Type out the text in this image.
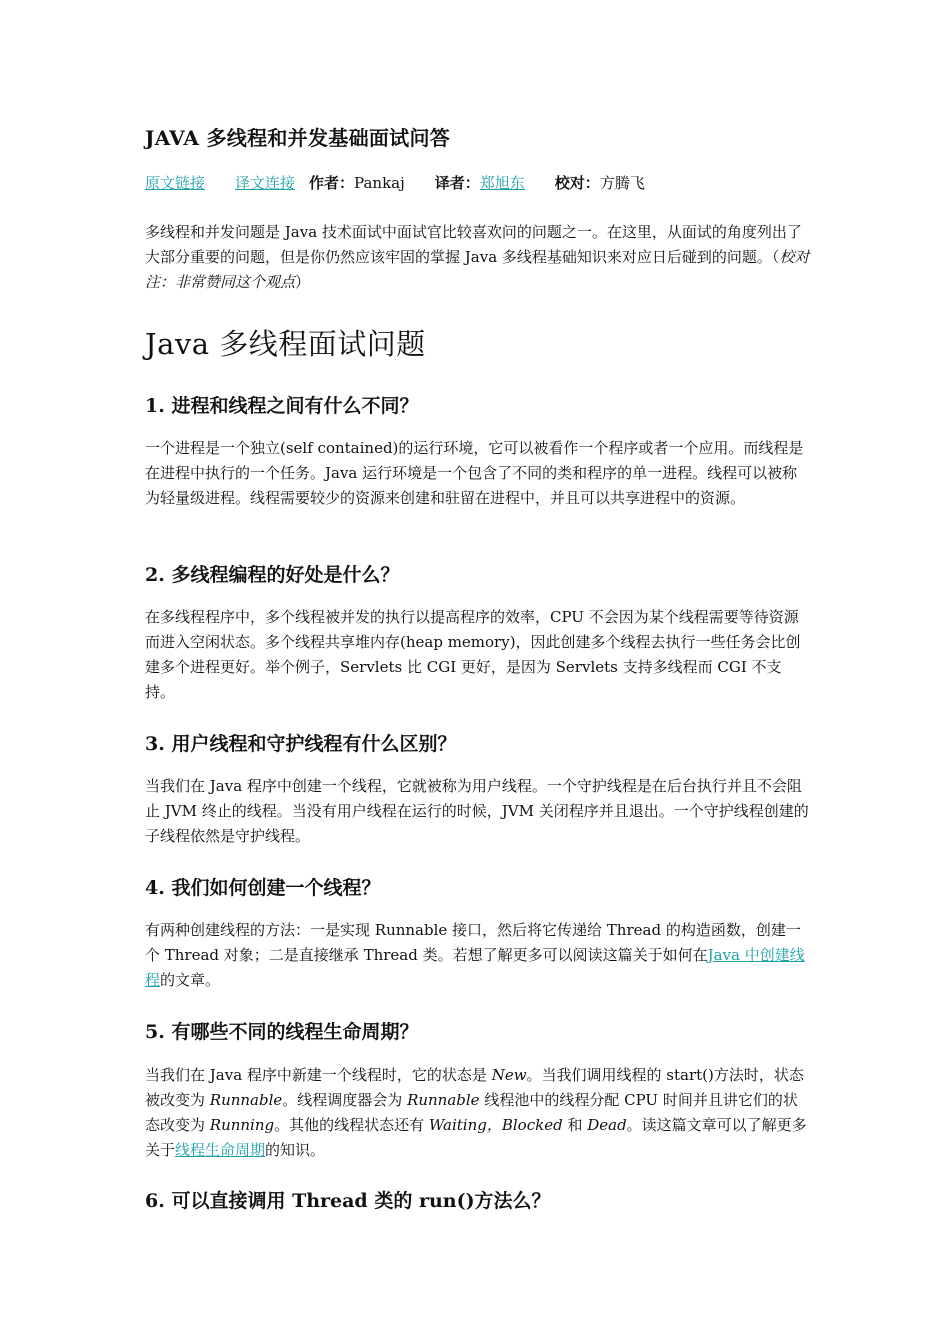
JAVA 多线程和并发基础面试问答
原文链接 译文连接 作者：Pankaj 译者：郑旭东 校对：方腾飞

多线程和并发问题是 Java 技术面试中面试官比较喜欢问的问题之一。在这里，从面试的角度列出了大部分重要的问题，但是你仍然应该牢固的掌握 Java 多线程基础知识来对应日后碰到的问题。（校对注：非常赞同这个观点）

Java 多线程面试问题
1. 进程和线程之间有什么不同？

一个进程是一个独立(self contained)的运行环境，它可以被看作一个程序或者一个应用。而线程是在进程中执行的一个任务。Java 运行环境是一个包含了不同的类和程序的单一进程。线程可以被称为轻量级进程。线程需要较少的资源来创建和驻留在进程中，并且可以共享进程中的资源。

2. 多线程编程的好处是什么？

在多线程程序中，多个线程被并发的执行以提高程序的效率，CPU 不会因为某个线程需要等待资源而进入空闲状态。多个线程共享堆内存(heap memory)，因此创建多个线程去执行一些任务会比创建多个进程更好。举个例子，Servlets 比 CGI 更好，是因为 Servlets 支持多线程而 CGI 不支持。

3. 用户线程和守护线程有什么区别？

当我们在 Java 程序中创建一个线程，它就被称为用户线程。一个守护线程是在后台执行并且不会阻止 JVM 终止的线程。当没有用户线程在运行的时候，JVM 关闭程序并且退出。一个守护线程创建的子线程依然是守护线程。

4. 我们如何创建一个线程？

有两种创建线程的方法：一是实现 Runnable 接口，然后将它传递给 Thread 的构造函数，创建一个 Thread 对象；二是直接继承 Thread 类。若想了解更多可以阅读这篇关于如何在Java 中创建线程的文章。

5. 有哪些不同的线程生命周期？

当我们在 Java 程序中新建一个线程时，它的状态是 New。当我们调用线程的 start()方法时，状态被改变为 Runnable。线程调度器会为 Runnable 线程池中的线程分配 CPU 时间并且讲它们的状态改变为 Running。其他的线程状态还有 Waiting，Blocked 和 Dead。读这篇文章可以了解更多关于线程生命周期的知识。

6. 可以直接调用 Thread 类的 run()方法么？
